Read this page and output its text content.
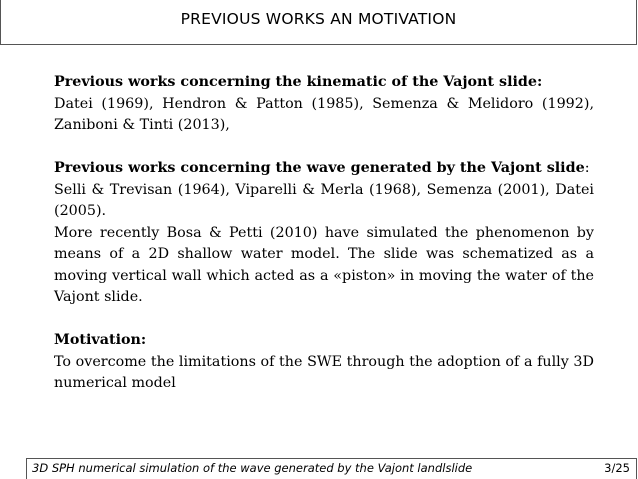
PREVIOUS WORKS AN MOTIVATION

Previous works concerning the kinematic of the Vajont slide:

Datei (1969), Hendron & Patton (1985), Semenza & Melidoro (1992), Zaniboni & Tinti (2013),

Previous works concerning the wave generated by the Vajont slide:

Selli & Trevisan (1964), Viparelli & Merla (1968), Semenza (2001), Datei (2005).

More recently Bosa & Petti (2010) have simulated the phenomenon by means of a 2D shallow water model. The slide was schematized as a moving vertical wall which acted as a «piston» in moving the water of the Vajont slide.

Motivation:

To overcome the limitations of the SWE through the adoption of a fully 3D numerical model

3D SPH numerical simulation of the wave generated by the Vajont landlslide	3/25
